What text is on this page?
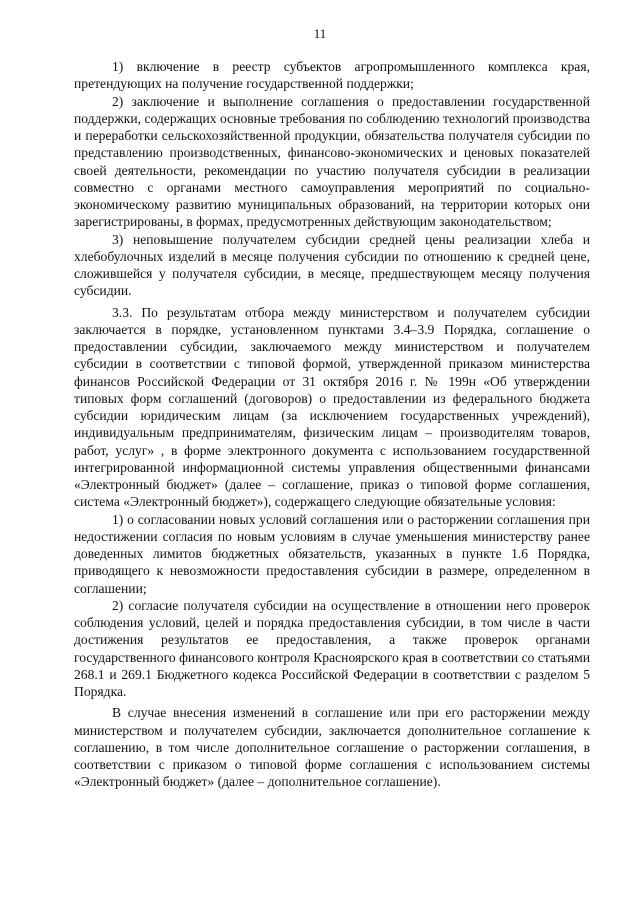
11

1) включение в реестр субъектов агропромышленного комплекса края, претендующих на получение государственной поддержки;

2) заключение и выполнение соглашения о предоставлении государственной поддержки, содержащих основные требования по соблюдению технологий производства и переработки сельскохозяйственной продукции, обязательства получателя субсидии по представлению производственных, финансово-экономических и ценовых показателей своей деятельности, рекомендации по участию получателя субсидии в реализации совместно с органами местного самоуправления мероприятий по социально-экономическому развитию муниципальных образований, на территории которых они зарегистрированы, в формах, предусмотренных действующим законодательством;

3) неповышение получателем субсидии средней цены реализации хлеба и хлебобулочных изделий в месяце получения субсидии по отношению к средней цене, сложившейся у получателя субсидии, в месяце, предшествующем месяцу получения субсидии.

3.3. По результатам отбора между министерством и получателем субсидии заключается в порядке, установленном пунктами 3.4–3.9 Порядка, соглашение о предоставлении субсидии, заключаемого между министерством и получателем субсидии в соответствии с типовой формой, утвержденной приказом министерства финансов Российской Федерации от 31 октября 2016 г. № 199н «Об утверждении типовых форм соглашений (договоров) о предоставлении из федерального бюджета субсидии юридическим лицам (за исключением государственных учреждений), индивидуальным предпринимателям, физическим лицам – производителям товаров, работ, услуг» , в форме электронного документа с использованием государственной интегрированной информационной системы управления общественными финансами «Электронный бюджет» (далее – соглашение, приказ о типовой форме соглашения, система «Электронный бюджет»), содержащего следующие обязательные условия:

1) о согласовании новых условий соглашения или о расторжении соглашения при недостижении согласия по новым условиям в случае уменьшения министерству ранее доведенных лимитов бюджетных обязательств, указанных в пункте 1.6 Порядка, приводящего к невозможности предоставления субсидии в размере, определенном в соглашении;

2) согласие получателя субсидии на осуществление в отношении него проверок соблюдения условий, целей и порядка предоставления субсидии, в том числе в части достижения результатов ее предоставления, а также проверок органами государственного финансового контроля Красноярского края в соответствии со статьями 268.1 и 269.1 Бюджетного кодекса Российской Федерации в соответствии с разделом 5 Порядка.

В случае внесения изменений в соглашение или при его расторжении между министерством и получателем субсидии, заключается дополнительное соглашение к соглашению, в том числе дополнительное соглашение о расторжении соглашения, в соответствии с приказом о типовой форме соглашения с использованием системы «Электронный бюджет» (далее – дополнительное соглашение).
